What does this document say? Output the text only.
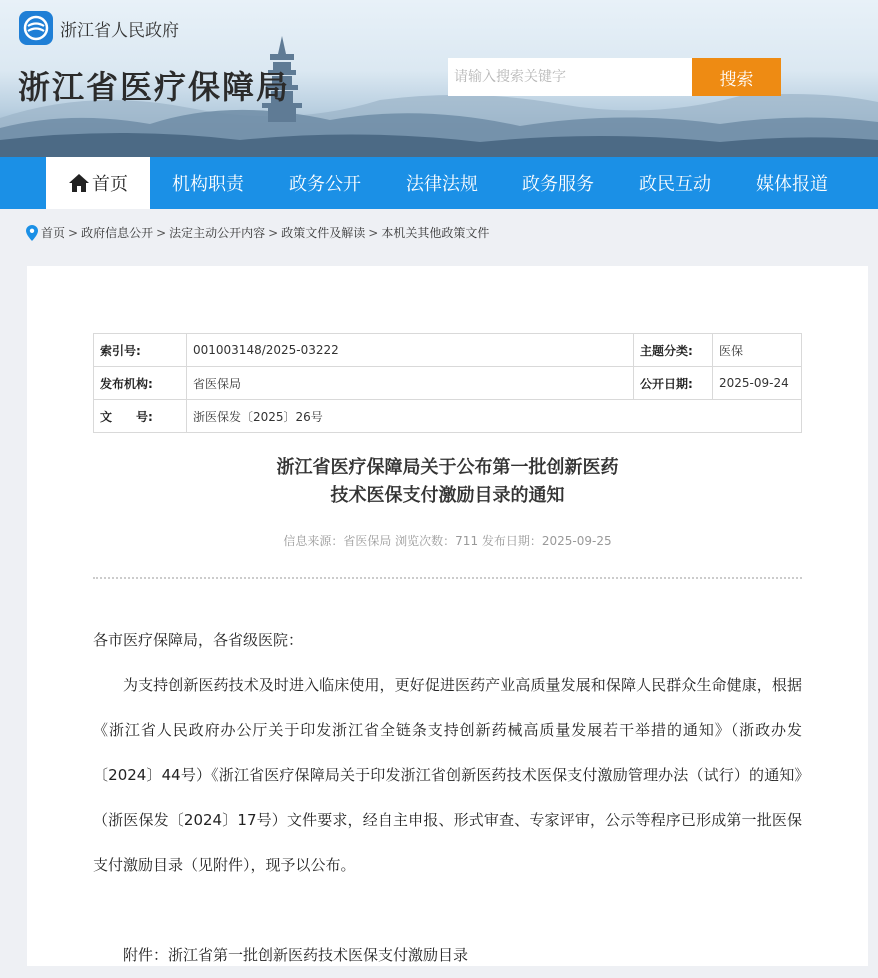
浙江省人民政府
浙江省医疗保障局
请输入搜索关键字	搜索
首页	机构职责	政务公开	法律法规	政务服务	政民互动	媒体报道
首页 > 政府信息公开 > 法定主动公开内容 > 政策文件及解读 > 本机关其他政策文件
索引号:	001003148/2025-03222	主题分类:	医保
发布机构:	省医保局	公开日期:	2025-09-24
文　　号:	浙医保发〔2025〕26号		
浙江省医疗保障局关于公布第一批创新医药
技术医保支付激励目录的通知
信息来源：省医保局 浏览次数：711 发布日期：2025-09-25

各市医疗保障局，各省级医院：

为支持创新医药技术及时进入临床使用，更好促进医药产业高质量发展和保障人民群众生命健康，根据《浙江省人民政府办公厅关于印发浙江省全链条支持创新药械高质量发展若干举措的通知》（浙政办发〔2024〕44号）《浙江省医疗保障局关于印发浙江省创新医药技术医保支付激励管理办法（试行）的通知》（浙医保发〔2024〕17号）文件要求，经自主申报、形式审查、专家评审，公示等程序已形成第一批医保支付激励目录（见附件），现予以公布。

附件：浙江省第一批创新医药技术医保支付激励目录
